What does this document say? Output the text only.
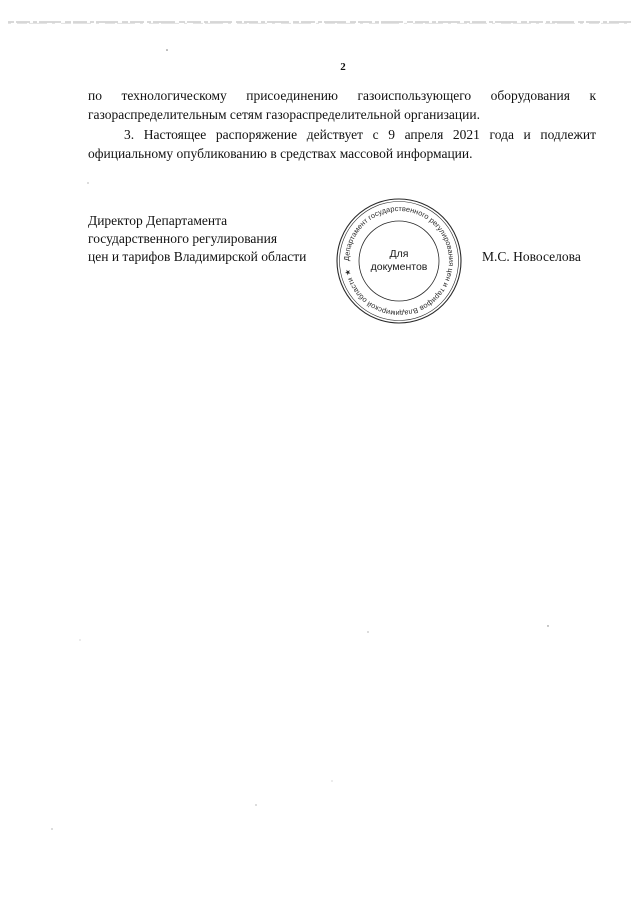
2

по технологическому присоединению газоиспользующего оборудования к
газораспределительным сетям газораспределительной организации.

3. Настоящее распоряжение действует с 9 апреля 2021 года и подлежит
официальному опубликованию в средствах массовой информации.

Директор Департамента
государственного регулирования
цен и тарифов Владимирской области	Департамент государственного регулирования цен и тарифов Владимирской области ★
Для
документов
М.С. Новоселова
